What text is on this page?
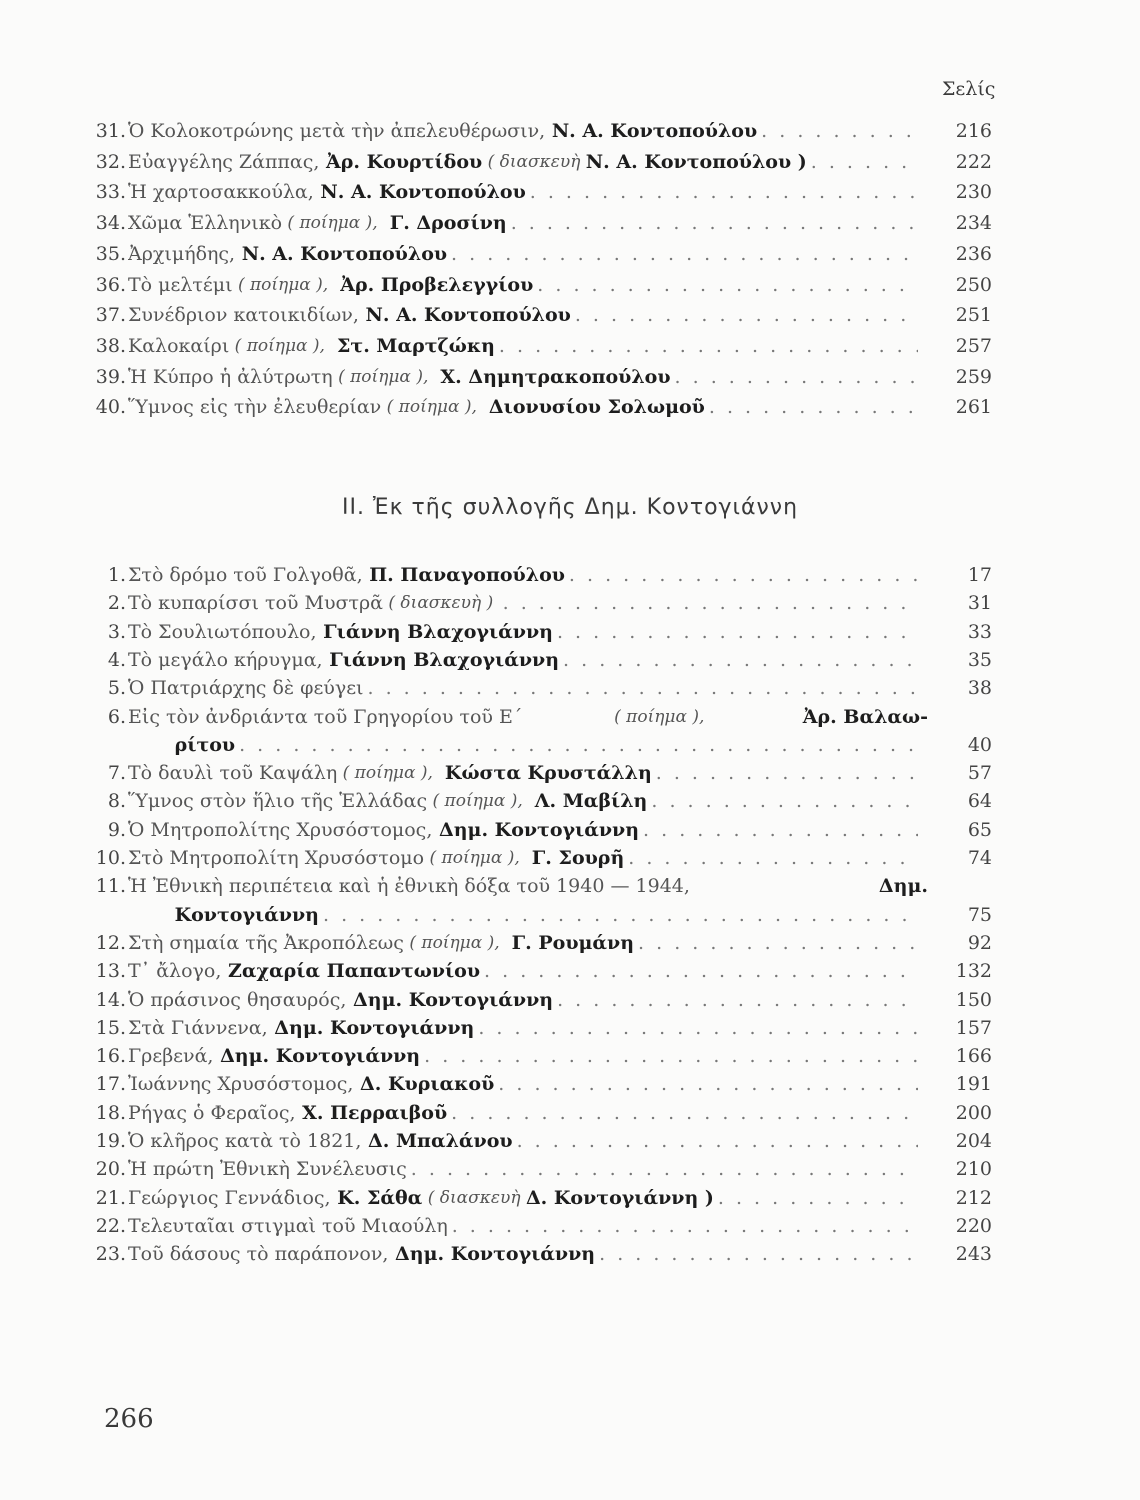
Σελίς
31. Ὁ Κολοκοτρώνης μετὰ τὴν ἀπελευθέρωσιν, Ν. Α. Κοντοπούλου . . .	216
32. Εὐαγγέλης Ζάππας, Ἀρ. Κουρτίδου ( διασκευὴ Ν. Α. Κοντοπούλου ) . . .	222
33. Ἡ χαρτοσακκούλα, Ν. Α. Κοντοπούλου . . .	230
34. Χῶμα Ἑλληνικὸ ( ποίημα ), Γ. Δροσίνη . . .	234
35. Ἀρχιμήδης, Ν. Α. Κοντοπούλου . . .	236
36. Τὸ μελτέμι ( ποίημα ), Ἀρ. Προβελεγγίου . . .	250
37. Συνέδριον κατοικιδίων, Ν. Α. Κοντοπούλου . . .	251
38. Καλοκαίρι ( ποίημα ), Στ. Μαρτζώκη . . .	257
39. Ἡ Κύπρο ἡ ἀλύτρωτη ( ποίημα ), Χ. Δημητρακοπούλου . . .	259
40. Ὕμνος εἰς τὴν ἐλευθερίαν ( ποίημα ), Διονυσίου Σολωμοῦ . . .	261
ΙΙ. Ἐκ τῆς συλλογῆς Δημ. Κοντογιάννη
1. Στὸ δρόμο τοῦ Γολγοθᾶ, Π. Παναγοπούλου . . .	17
2. Τὸ κυπαρίσσι τοῦ Μυστρᾶ ( διασκευὴ ) . . .	31
3. Τὸ Σουλιωτόπουλο, Γιάννη Βλαχογιάννη . . .	33
4. Τὸ μεγάλο κήρυγμα, Γιάννη Βλαχογιάννη . . .	35
5. Ὁ Πατριάρχης δὲ φεύγει . . .	38
6. Εἰς τὸν ἀνδριάντα τοῦ Γρηγορίου τοῦ Ε΄	( ποίημα ),	Ἀρ. Βαλαω-
ρίτου . . .	40
7. Τὸ δαυλὶ τοῦ Καψάλη ( ποίημα ), Κώστα Κρυστάλλη . . .	57
8. Ὕμνος στὸν ἥλιο τῆς Ἑλλάδας ( ποίημα ), Λ. Μαβίλη . . .	64
9. Ὁ Μητροπολίτης Χρυσόστομος, Δημ. Κοντογιάννη . . .	65
10. Στὸ Μητροπολίτη Χρυσόστομο ( ποίημα ), Γ. Σουρῆ . . .	74
11. Ἡ Ἐθνικὴ περιπέτεια καὶ ἡ ἐθνικὴ δόξα τοῦ 1940 — 1944,	Δημ.
Κοντογιάννη . . .	75
12. Στὴ σημαία τῆς Ἀκροπόλεως ( ποίημα ), Γ. Ρουμάνη . . .	92
13. Τ᾽ ἄλογο, Ζαχαρία Παπαντωνίου . . .	132
14. Ὁ πράσινος θησαυρός, Δημ. Κοντογιάννη . . .	150
15. Στὰ Γιάννενα, Δημ. Κοντογιάννη . . .	157
16. Γρεβενά, Δημ. Κοντογιάννη . . .	166
17. Ἰωάννης Χρυσόστομος, Δ. Κυριακοῦ . . .	191
18. Ρήγας ὁ Φεραῖος, Χ. Περραιβοῦ . . .	200
19. Ὁ κλῆρος κατὰ τὸ 1821, Δ. Μπαλάνου . . .	204
20. Ἡ πρώτη Ἐθνικὴ Συνέλευσις . . .	210
21. Γεώργιος Γεννάδιος, Κ. Σάθα ( διασκευὴ Δ. Κοντογιάννη ) . . .	212
22. Τελευταῖαι στιγμαὶ τοῦ Μιαούλη . . .	220
23. Τοῦ δάσους τὸ παράπονον, Δημ. Κοντογιάννη . . .	243
266
